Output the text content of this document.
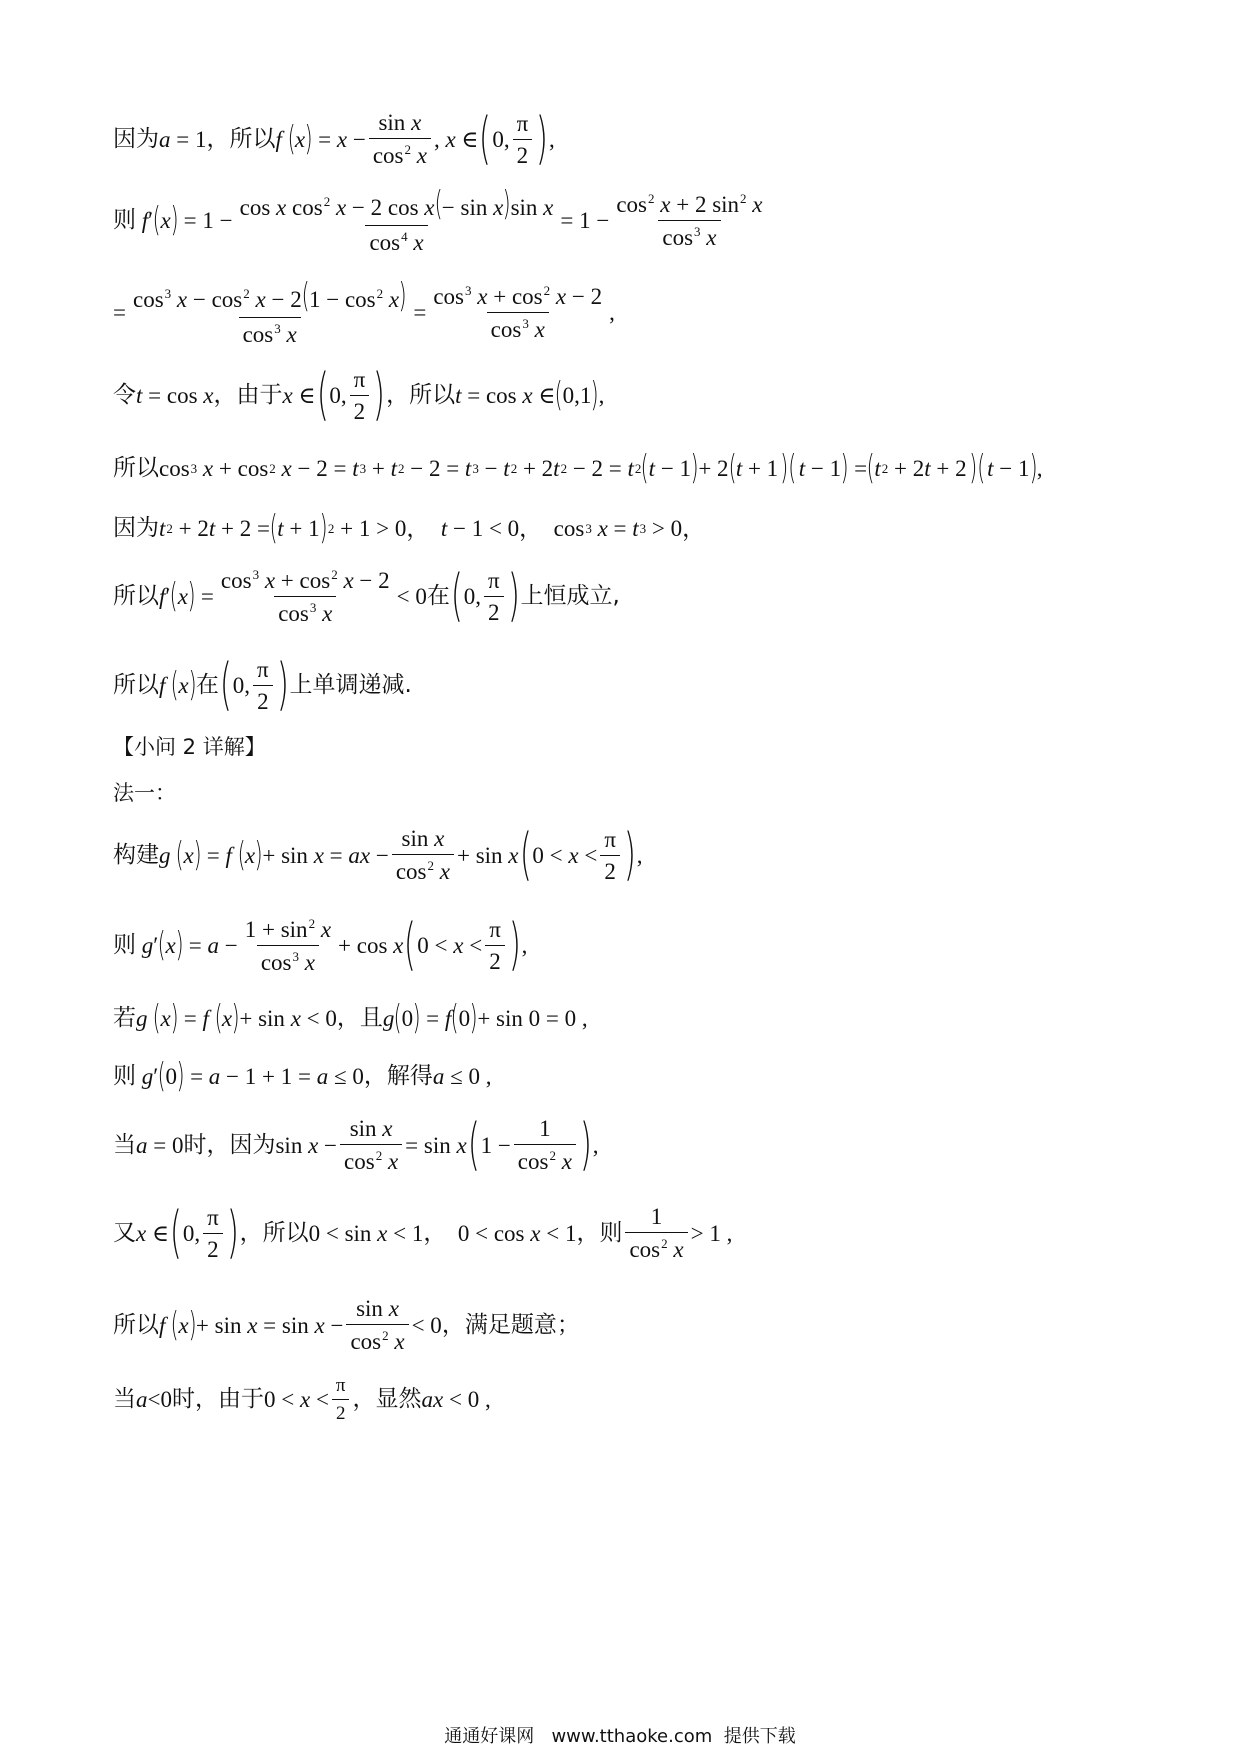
因为 a = 1 ，所以 f
( x ) = $x - \frac{\text{sin x}}{\cos^2 x}$ , x ∈ ( 0, $\frac{\pi}{2}$ ) ,
则
f ′ ( x ) = $1 - \frac{\cos x \cos^2 x - 2 \cos x(- \sin x)\sin x}{\cos^4 x} = 1 - \frac{\cos^2 x + 2 \sin^2 x}{\cos^3 x}$
= $\frac{\cos^3 x - \cos^2 x - 2(1 - \cos^2 x)}{\cos^3 x} = \frac{\cos^3 x + \cos^2 x - 2}{\cos^3 x}$ ,
令 t = cos x ，由于 x ∈ ( 0, $\frac{\pi}{2}$ ) ，所以 t = cos x ∈ ( 0,1 ) ,
所以 cos 3
x + cos 2
x − 2 = t 3 + t 2 − 2 = t 3 − t 2 + 2 t 2 − 2 = t 2 ( t − 1 ) + 2 ( t + 1 )( t − 1 ) = ( t 2 + 2 t + 2 )( t − 1 ) ,
因为 t 2 + 2 t + 2 = ( t + 1 ) 2 + 1 > 0， t − 1 < 0，  cos 3
x = t 3 > 0，
所以 f ′ ( x ) = $\frac{\cos^3 x + \cos^2 x - 2}{\cos^3 x} < 0$ 在 ( 0, $\frac{\pi}{2}$ ) 上恒成立,
所以 f
( x ) 在 ( 0, $\frac{\pi}{2}$ ) 上单调递减.
【小问 2 详解】
法一：
构建 g
( x ) = f
( x ) + sin x = ax − $\frac{\text{sin x}}{\cos^2 x} + \sin x$ ( $0 < x < \frac{\pi}{2}$ ) ,
则
g ′ ( x ) = $a - \frac{1 + \sin^2 x}{\cos^3 x} + \cos x$ ( $0 < x < \frac{\pi}{2}$ ) ,
若 g
( x ) = f
( x ) + sin x < 0 ，且 g ( 0 ) = f ( 0 ) + sin 0 = 0 ,
则
g ′ ( 0 ) = a − 1 + 1 = a ≤ 0 ，解得 a ≤ 0 ,
当 a = 0 时，因为 $\sin x - \frac{\text{sin x}}{\cos^2 x} = \sin x$ ( $1 - \frac{1}{\cos^2 x}$ ) ,
又 x ∈ ( 0, $\frac{\pi}{2}$ ) ，所以 0 < sin x < 1 ， 0 < cos x < 1 ，则 $\frac{1}{\cos^2 x} > 1$ ,
所以 f
( x ) + $\sin x = \sin x - \frac{\text{sin x}}{\cos^2 x} < 0$ ，满足题意；
当 a <0 时，由于 $0 < x < \frac{\pi}{2}$ ，显然 ax < 0 ,
通通好课网 www.tthaoke.com 提供下载
